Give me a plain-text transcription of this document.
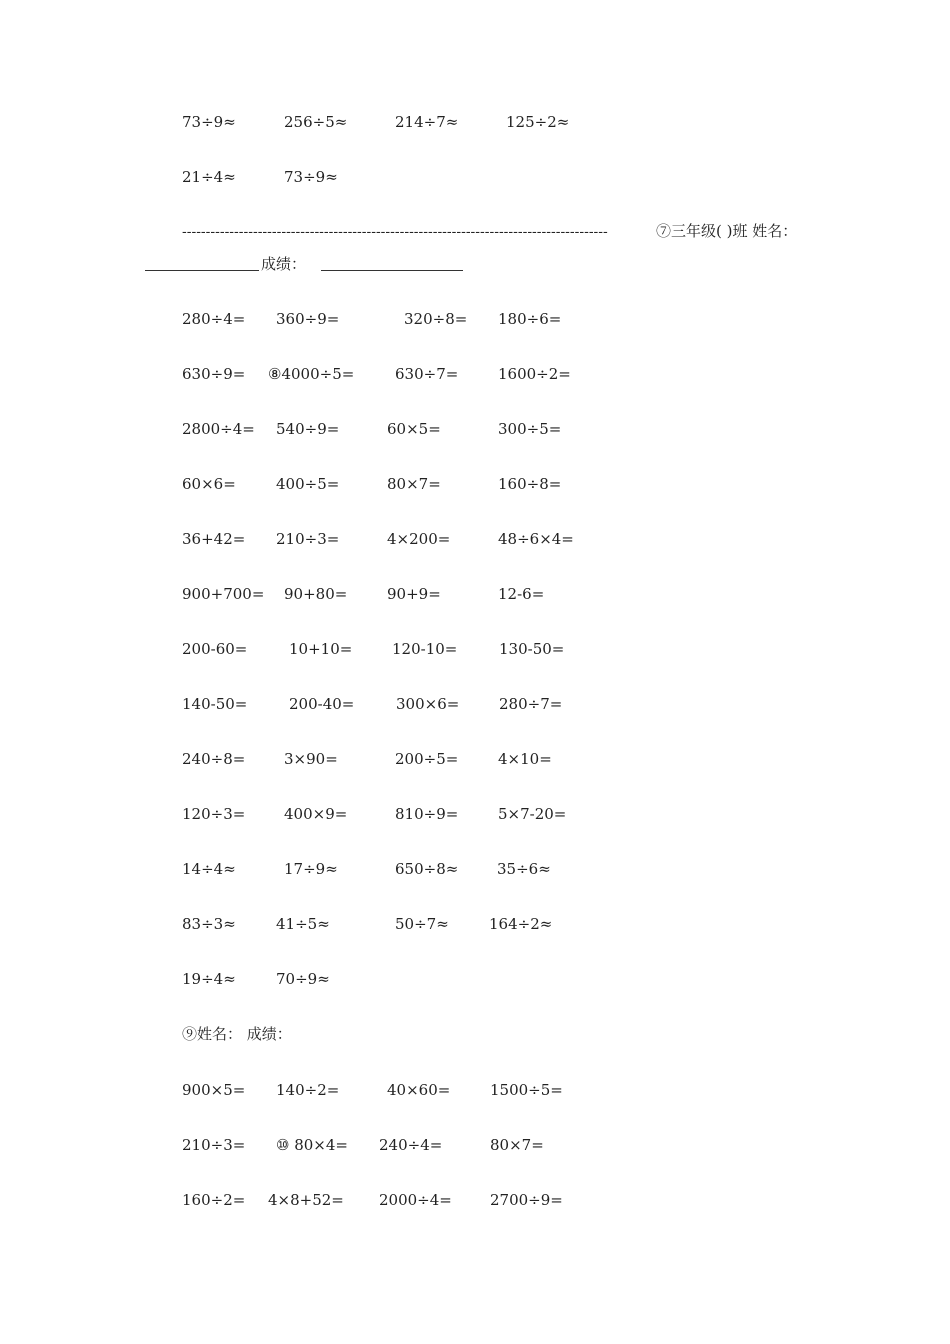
73÷9≈	256÷5≈	214÷7≈	125÷2≈
21÷4≈	73÷9≈
------------------------------------------------------------------------------------------	⑦三年级( )班 姓名：
成绩：
280÷4= 360÷9=	320÷8= 180÷6=
630÷9= ⑧4000÷5=	630÷7=	1600÷2=
2800÷4= 540÷9=	60×5=	300÷5=
60×6=	400÷5=	80×7=	160÷8=
36+42= 210÷3=	4×200=	48÷6×4=
900+700= 90+80=	90+9=	12-6=
200-60=	10+10=	120-10=	130-50=
140-50=	200-40=	300×6=	280÷7=
240÷8=	3×90=	200÷5=	4×10=
120÷3=	400×9=	810÷9=	5×7-20=
14÷4≈	17÷9≈	650÷8≈	35÷6≈
83÷3≈	41÷5≈	50÷7≈	164÷2≈
19÷4≈	70÷9≈
⑨姓名： 成绩：
900×5= 140÷2=	40×60=	1500÷5=
210÷3= ⑩ 80×4= 240÷4=	80×7=
160÷2= 4×8+52= 2000÷4=	2700÷9=
